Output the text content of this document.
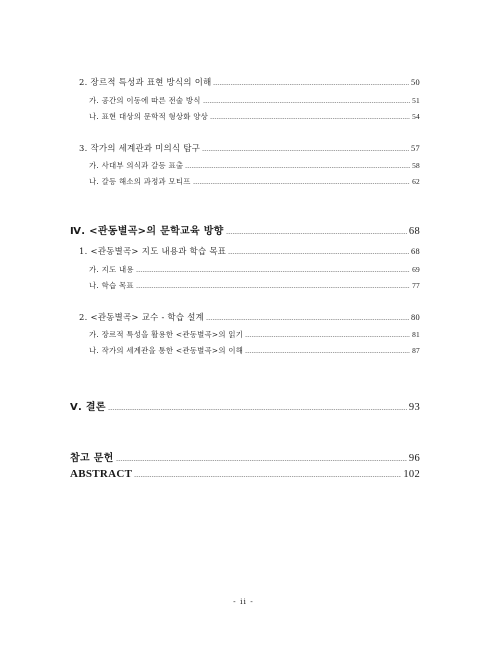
2. 장르적 특성과 표현 방식의 이해	50
가. 공간의 이동에 따른 전술 방식	51
나. 표현 대상의 문학적 형상화 양상	54
3. 작가의 세계관과 미의식 탐구	57
가. 사대부 의식과 갈등 표출	58
나. 갈등 해소의 과정과 모티프	62
Ⅳ. <관동별곡>의 문학교육 방향	68
1. <관동별곡> 지도 내용과 학습 목표	68
가. 지도 내용	69
나. 학습 목표	77
2. <관동별곡> 교수 - 학습 설계	80
가. 장르적 특성을 활용한 <관동별곡>의 읽기	81
나. 작가의 세계관을 통한 <관동별곡>의 이해	87
Ⅴ. 결론	93
참고 문헌	96
ABSTRACT	102
- ii -
